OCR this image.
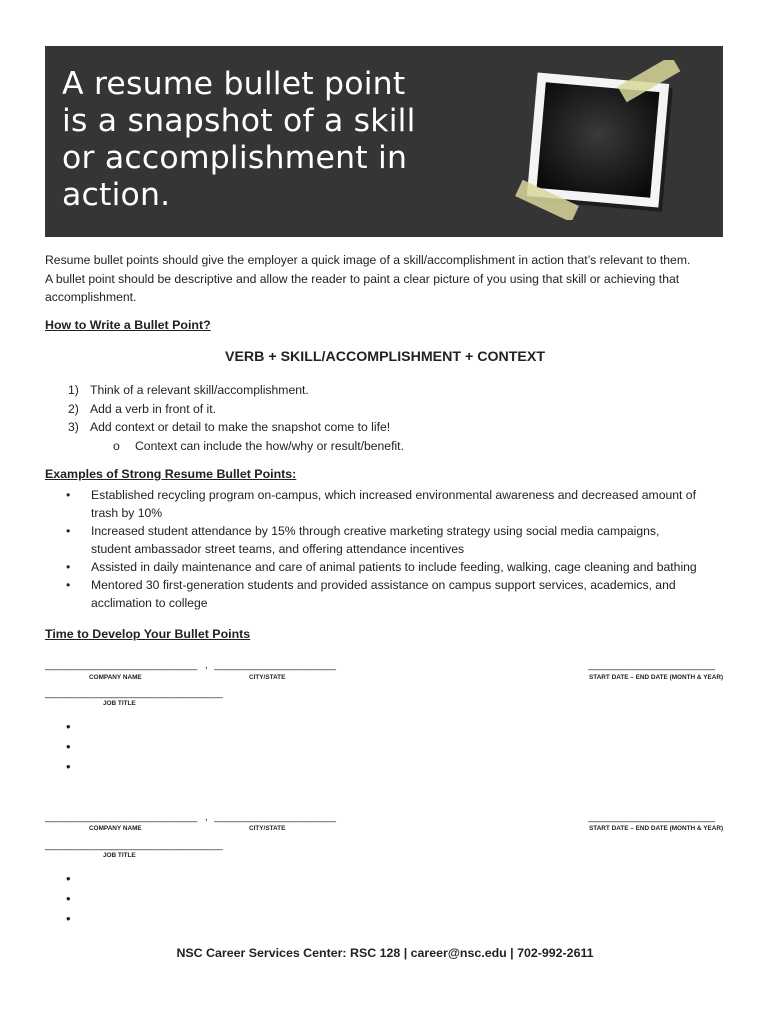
A resume bullet point
is a snapshot of a skill
or accomplishment in
action.

Resume bullet points should give the employer a quick image of a skill/accomplishment in action that’s relevant to them.
A bullet point should be descriptive and allow the reader to paint a clear picture of you using that skill or achieving that
accomplishment.

How to Write a Bullet Point?
VERB + SKILL/ACCOMPLISHMENT + CONTEXT
1) Think of a relevant skill/accomplishment.
2) Add a verb in front of it.
3) Add context or detail to make the snapshot come to life!
o Context can include the how/why or result/benefit.
Examples of Strong Resume Bullet Points:
• Established recycling program on-campus, which increased environmental awareness and decreased amount of
trash by 10%
• Increased student attendance by 15% through creative marketing strategy using social media campaigns,
student ambassador street teams, and offering attendance incentives
• Assisted in daily maintenance and care of animal patients to include feeding, walking, cage cleaning and bathing
• Mentored 30 first-generation students and provided assistance on campus support services, academics, and
acclimation to college
Time to Develop Your Bullet Points
______________________________ , ________________________	_________________________
COMPANY NAME	CITY/STATE	START DATE – END DATE (MONTH & YEAR)
___________________________________
JOB TITLE
•
•
•
______________________________ , ________________________	_________________________
COMPANY NAME	CITY/STATE	START DATE – END DATE (MONTH & YEAR)
___________________________________
JOB TITLE
•
•
•
NSC Career Services Center: RSC 128 | career@nsc.edu | 702-992-2611
